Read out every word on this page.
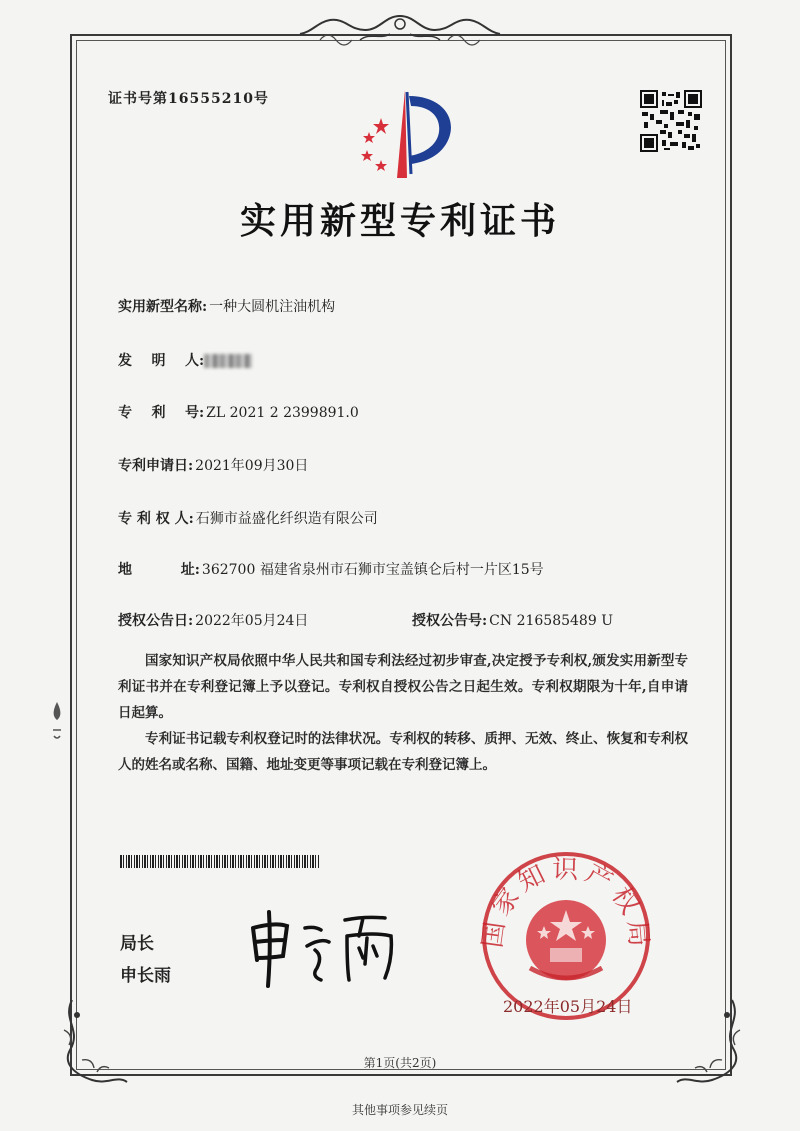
证书号第16555210号
实用新型专利证书
实用新型名称: 一种大圆机注油机构
发    明    人:
专    利    号: ZL 2021 2 2399891.0
专利申请日: 2021年09月30日
专 利 权 人: 石狮市益盛化纤织造有限公司
地          址: 362700 福建省泉州市石狮市宝盖镇仑后村一片区15号
授权公告日: 2022年05月24日	授权公告号: CN 216585489 U

国家知识产权局依照中华人民共和国专利法经过初步审查,决定授予专利权,颁发实用新型专利证书并在专利登记簿上予以登记。专利权自授权公告之日起生效。专利权期限为十年,自申请日起算。

专利证书记载专利权登记时的法律状况。专利权的转移、质押、无效、终止、恢复和专利权人的姓名或名称、国籍、地址变更等事项记载在专利登记簿上。

局长
申长雨
国家知识产权局
2022年05月24日
第1页(共2页)
其他事项参见续页
